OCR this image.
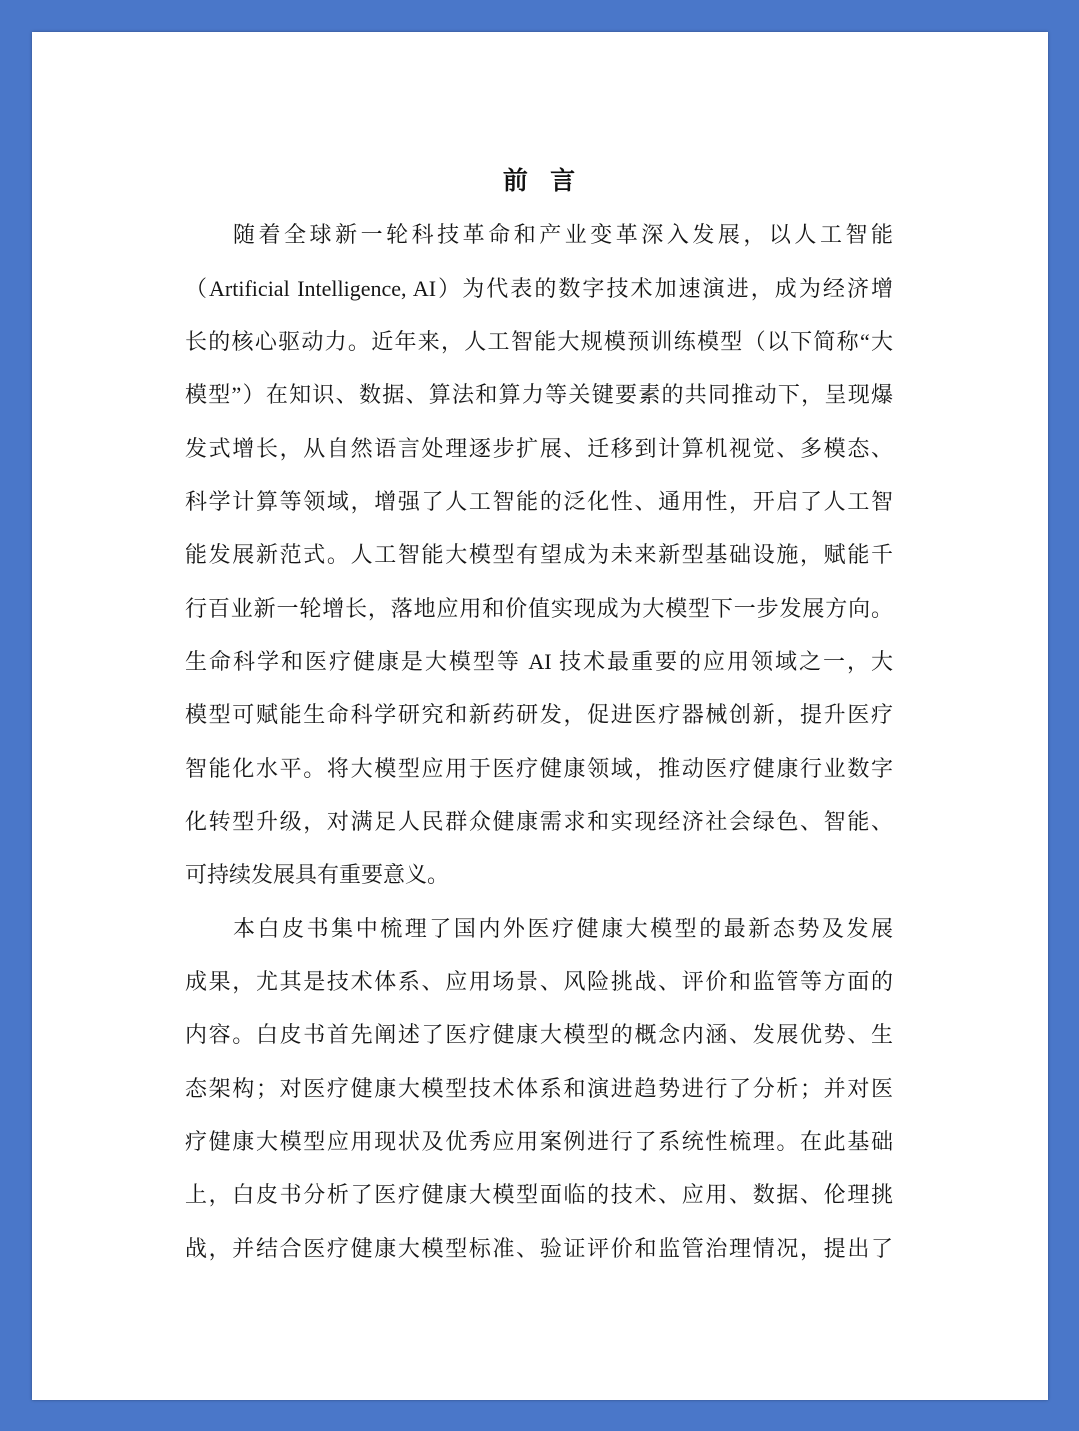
前 言
随着全球新一轮科技革命和产业变革深入发展，以人工智能
（Artificial Intelligence, AI）为代表的数字技术加速演进，成为经济增
长的核心驱动力。近年来，人工智能大规模预训练模型（以下简称“大
模型”）在知识、数据、算法和算力等关键要素的共同推动下，呈现爆
发式增长，从自然语言处理逐步扩展、迁移到计算机视觉、多模态、
科学计算等领域，增强了人工智能的泛化性、通用性，开启了人工智
能发展新范式。人工智能大模型有望成为未来新型基础设施，赋能千
行百业新一轮增长，落地应用和价值实现成为大模型下一步发展方向。
生命科学和医疗健康是大模型等 AI 技术最重要的应用领域之一，大
模型可赋能生命科学研究和新药研发，促进医疗器械创新，提升医疗
智能化水平。将大模型应用于医疗健康领域，推动医疗健康行业数字
化转型升级，对满足人民群众健康需求和实现经济社会绿色、智能、
可持续发展具有重要意义。
本白皮书集中梳理了国内外医疗健康大模型的最新态势及发展
成果，尤其是技术体系、应用场景、风险挑战、评价和监管等方面的
内容。白皮书首先阐述了医疗健康大模型的概念内涵、发展优势、生
态架构；对医疗健康大模型技术体系和演进趋势进行了分析；并对医
疗健康大模型应用现状及优秀应用案例进行了系统性梳理。在此基础
上，白皮书分析了医疗健康大模型面临的技术、应用、数据、伦理挑
战，并结合医疗健康大模型标准、验证评价和监管治理情况，提出了
